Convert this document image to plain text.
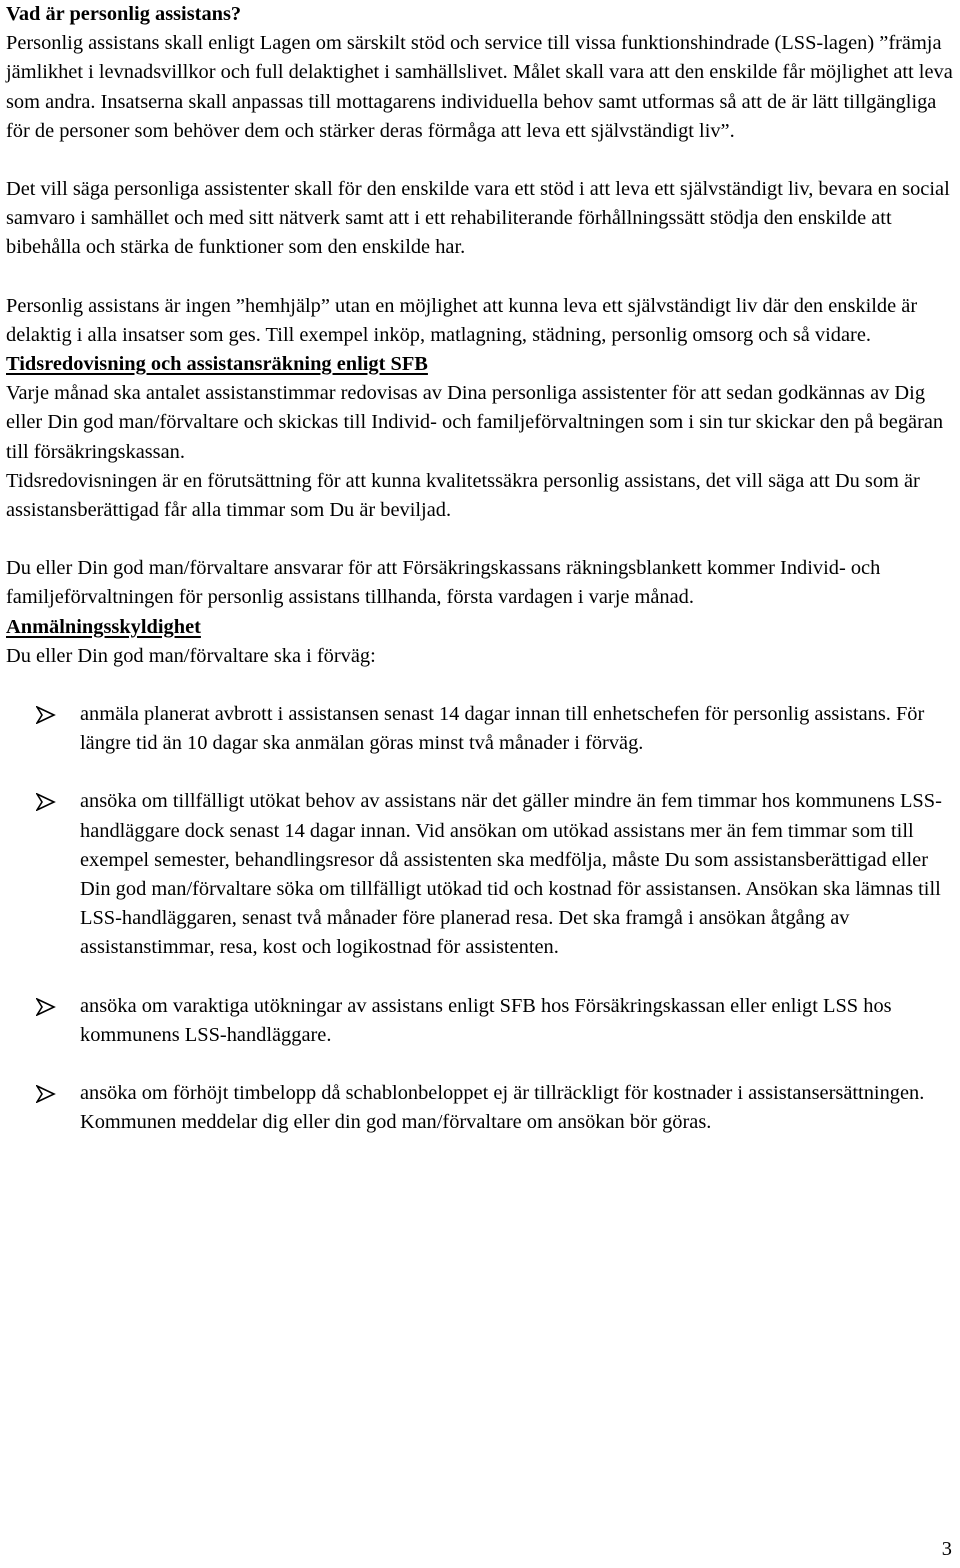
Vad är personlig assistans?

Personlig assistans skall enligt Lagen om särskilt stöd och service till vissa funktionshindrade (LSS-lagen) ”främja jämlikhet i levnadsvillkor och full delaktighet i samhällslivet. Målet skall vara att den enskilde får möjlighet att leva som andra. Insatserna skall anpassas till mottagarens individuella behov samt utformas så att de är lätt tillgängliga för de personer som behöver dem och stärker deras förmåga att leva ett självständigt liv”.

Det vill säga personliga assistenter skall för den enskilde vara ett stöd i att leva ett självständigt liv, bevara en social samvaro i samhället och med sitt nätverk samt att i ett rehabiliterande förhållningssätt stödja den enskilde att bibehålla och stärka de funktioner som den enskilde har.

Personlig assistans är ingen ”hemhjälp” utan en möjlighet att kunna leva ett självständigt liv där den enskilde är delaktig i alla insatser som ges. Till exempel inköp, matlagning, städning, personlig omsorg och så vidare.

Tidsredovisning och assistansräkning enligt SFB

Varje månad ska antalet assistanstimmar redovisas av Dina personliga assistenter för att sedan godkännas av Dig eller Din god man/förvaltare och skickas till Individ- och familjeförvaltningen som i sin tur skickar den på begäran till försäkringskassan.

Tidsredovisningen är en förutsättning för att kunna kvalitetssäkra personlig assistans, det vill säga att Du som är assistansberättigad får alla timmar som Du är beviljad.

Du eller Din god man/förvaltare ansvarar för att Försäkringskassans räkningsblankett kommer Individ- och familjeförvaltningen för personlig assistans tillhanda, första vardagen i varje månad.

Anmälningsskyldighet

Du eller Din god man/förvaltare ska i förväg:

anmäla planerat avbrott i assistansen senast 14 dagar innan till enhetschefen för personlig assistans. För längre tid än 10 dagar ska anmälan göras minst två månader i förväg.
ansöka om tillfälligt utökat behov av assistans när det gäller mindre än fem timmar hos kommunens LSS-handläggare dock senast 14 dagar innan. Vid ansökan om utökad assistans mer än fem timmar som till exempel semester, behandlingsresor då assistenten ska medfölja, måste Du som assistansberättigad eller Din god man/förvaltare söka om tillfälligt utökad tid och kostnad för assistansen. Ansökan ska lämnas till LSS-handläggaren, senast två månader före planerad resa. Det ska framgå i ansökan åtgång av assistanstimmar, resa, kost och logikostnad för assistenten.
ansöka om varaktiga utökningar av assistans enligt SFB hos Försäkringskassan eller enligt LSS hos kommunens LSS-handläggare.
ansöka om förhöjt timbelopp då schablonbeloppet ej är tillräckligt för kostnader i assistansersättningen. Kommunen meddelar dig eller din god man/förvaltare om ansökan bör göras.
3
